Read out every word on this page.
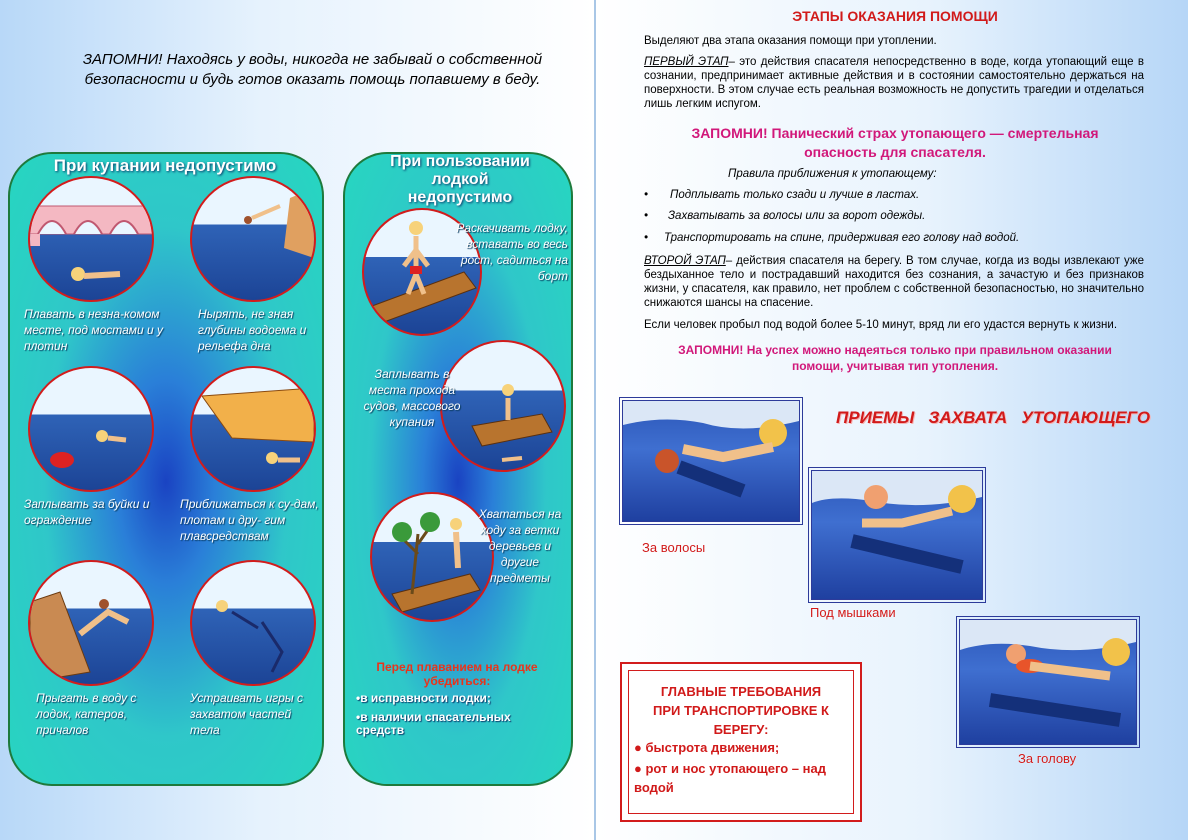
ЗАПОМНИ! Находясь у воды, никогда не забывай о собственной безопасности и будь готов оказать помощь попавшему в беду.
При купании недопустимо
Плавать в незна-комом месте, под мостами и у плотин
Нырять, не зная глубины водоема и рельефа дна
Заплывать за буйки и ограждение
Приближаться к су-дам, плотам и дру- гим плавсредствам
Прыгать в воду с лодок, катеров, причалов
Устраивать игры с захватом частей тела
При пользовании лодкой недопустимо
Раскачивать лодку, вставать во весь рост, садиться на борт
Заплывать в места прохода судов, массового купания
Хвататься на ходу за ветки деревьев и другие предметы
Перед плаванием на лодке убедиться:
•в исправности лодки;
•в наличии спасательных средств
ЭТАПЫ ОКАЗАНИЯ ПОМОЩИ
Выделяют два этапа оказания помощи при утоплении.
ПЕРВЫЙ ЭТАП– это действия спасателя непосредственно в воде, когда утопающий еще в сознании, предпринимает активные действия и в состоянии самостоятельно держаться на поверхности. В этом случае есть реальная возможность не допустить трагедии и отделаться лишь легким испугом.
ЗАПОМНИ! Панический страх утопающего — смертельная опасность для спасателя.
Правила приближения к утопающему:
• Подплывать только сзади и лучше в ластах.
• Захватывать за волосы или за ворот одежды.
• Транспортировать на спине, придерживая его голову над водой.
ВТОРОЙ ЭТАП– действия спасателя на берегу. В том случае, когда из воды извлекают уже бездыханное тело и пострадавший находится без сознания, а зачастую и без признаков жизни, у спасателя, как правило, нет проблем с собственной безопасностью, но значительно снижаются шансы на спасение.
Если человек пробыл под водой более 5-10 минут, вряд ли его удастся вернуть к жизни.
ЗАПОМНИ! На успех можно надеяться только при правильном оказании помощи, учитывая тип утопления.
ПРИЕМЫ   ЗАХВАТА   УТОПАЮЩЕГО
За волосы
Под мышками
За голову
ГЛАВНЫЕ ТРЕБОВАНИЯ ПРИ ТРАНСПОРТИРОВКЕ К БЕРЕГУ:
● быстрота движения;
● рот и нос утопающего – над водой
